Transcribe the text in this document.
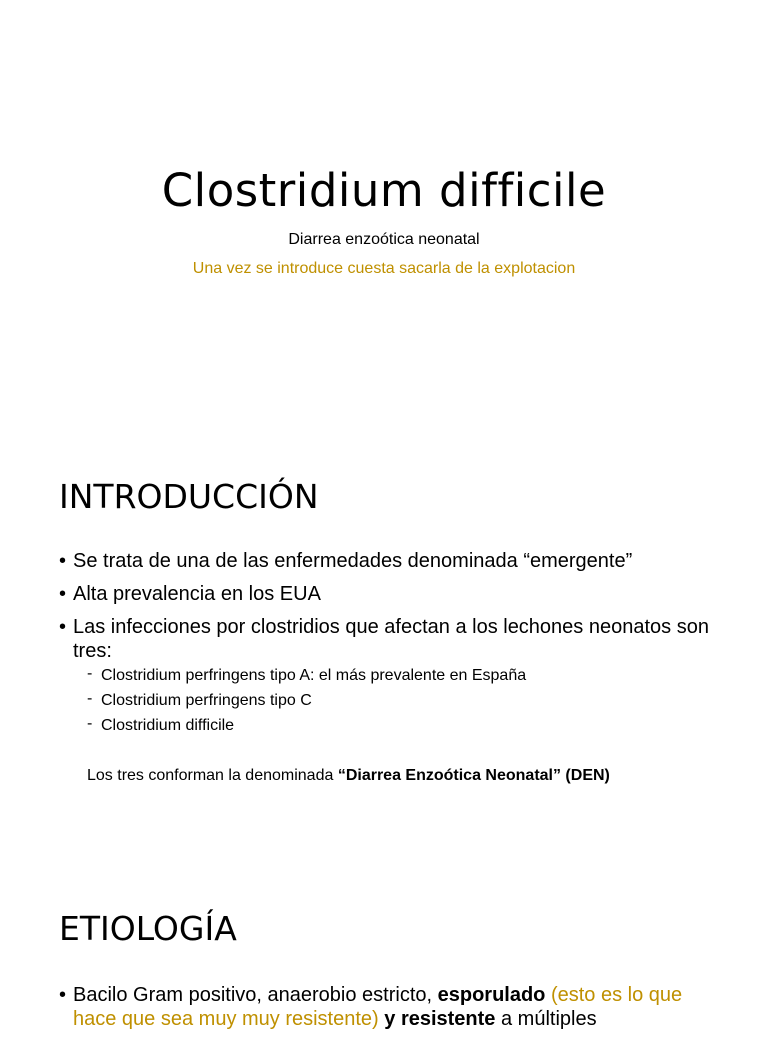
Clostridium difficile
Diarrea enzoótica neonatal
Una vez se introduce cuesta sacarla de la explotacion
INTRODUCCIÓN
• Se trata de una de las enfermedades denominada “emergente”
• Alta prevalencia en los EUA
• Las infecciones por clostridios que afectan a los lechones neonatos son tres:
- Clostridium perfringens tipo A: el más prevalente en España
- Clostridium perfringens tipo C
- Clostridium difficile
Los tres conforman la denominada “Diarrea Enzoótica Neonatal” (DEN)
ETIOLOGÍA
• Bacilo Gram positivo, anaerobio estricto, esporulado (esto es lo que hace que sea muy muy resistente) y resistente a múltiples
